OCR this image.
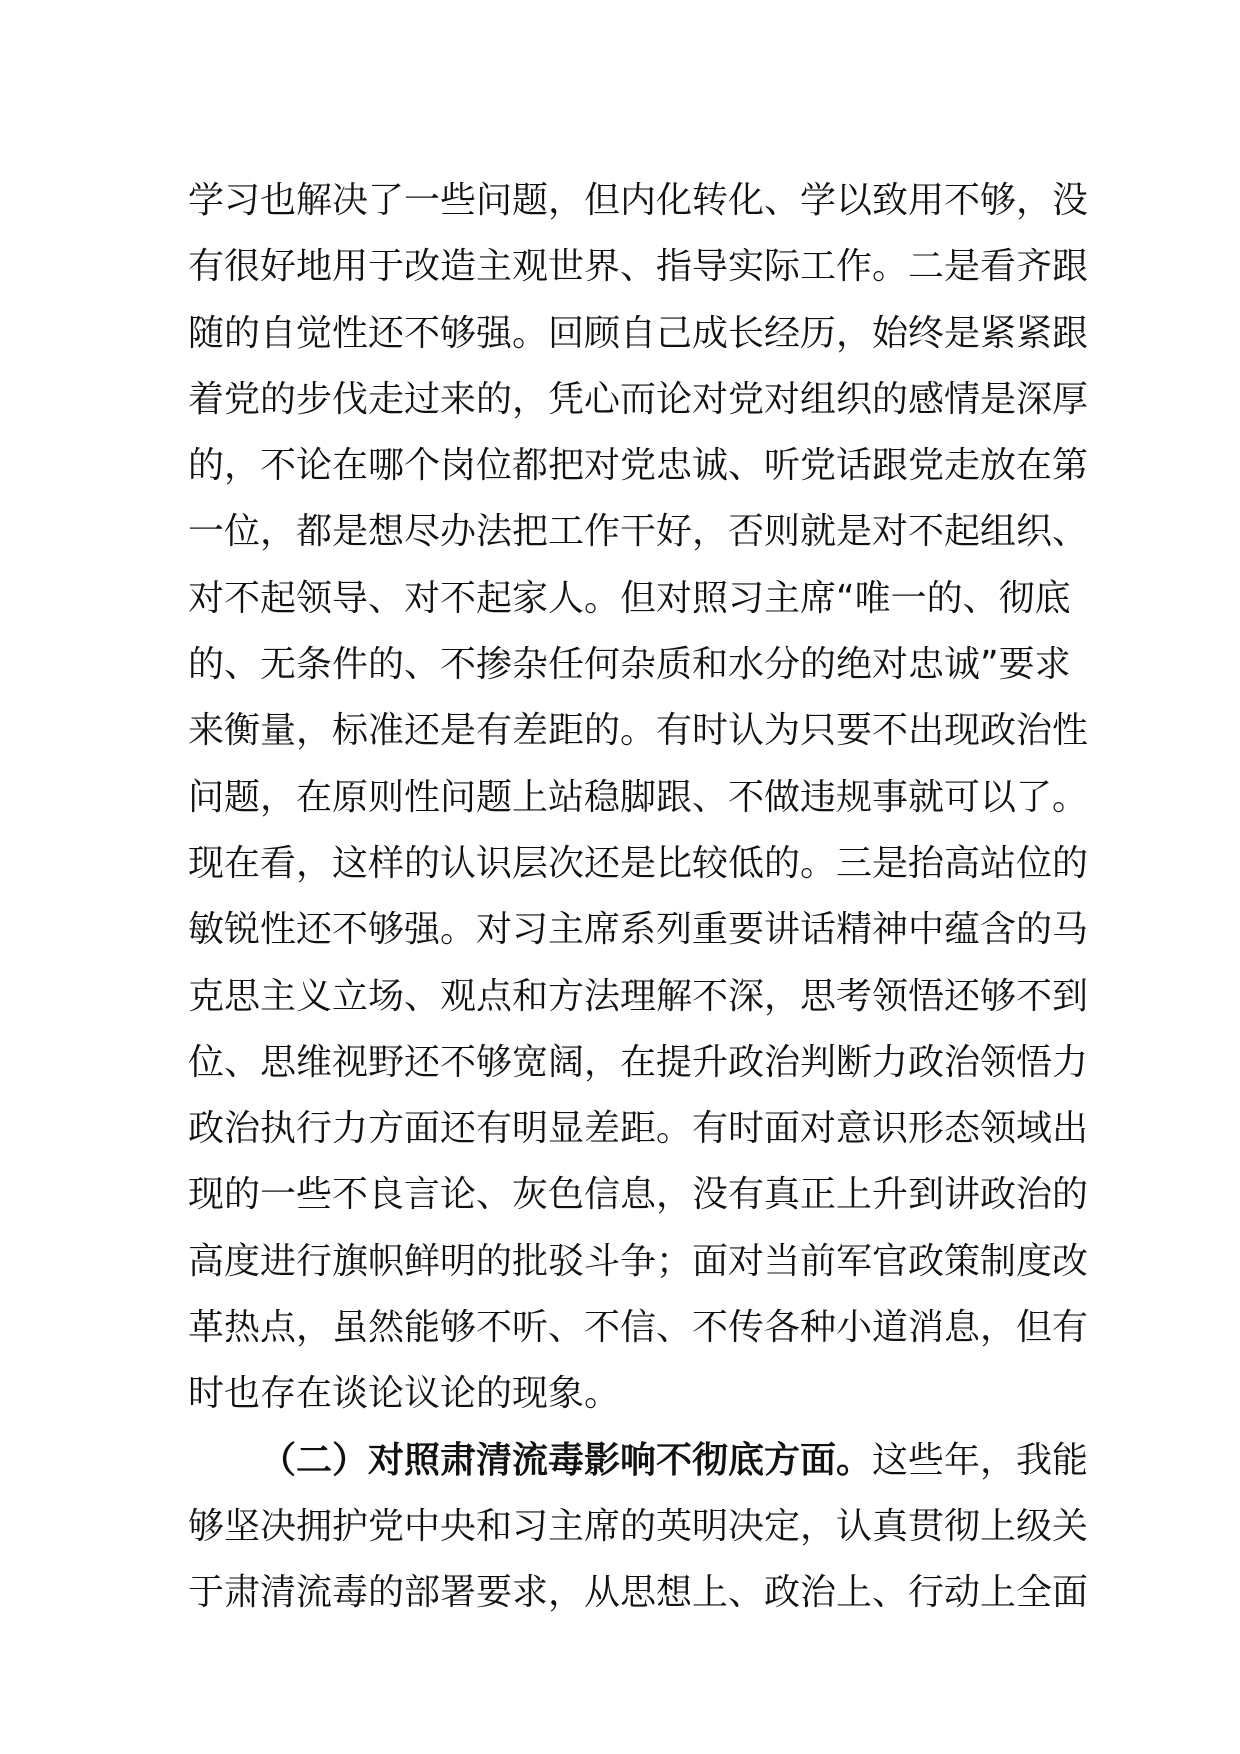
学习也解决了一些问题，但内化转化、学以致用不够，没
有很好地用于改造主观世界、指导实际工作。二是看齐跟
随的自觉性还不够强。回顾自己成长经历，始终是紧紧跟
着党的步伐走过来的，凭心而论对党对组织的感情是深厚
的，不论在哪个岗位都把对党忠诚、听党话跟党走放在第
一位，都是想尽办法把工作干好，否则就是对不起组织、
对不起领导、对不起家人。但对照习主席“唯一的、彻底
的、无条件的、不掺杂任何杂质和水分的绝对忠诚”要求
来衡量，标准还是有差距的。有时认为只要不出现政治性
问题，在原则性问题上站稳脚跟、不做违规事就可以了。
现在看，这样的认识层次还是比较低的。三是抬高站位的
敏锐性还不够强。对习主席系列重要讲话精神中蕴含的马
克思主义立场、观点和方法理解不深，思考领悟还够不到
位、思维视野还不够宽阔，在提升政治判断力政治领悟力
政治执行力方面还有明显差距。有时面对意识形态领域出
现的一些不良言论、灰色信息，没有真正上升到讲政治的
高度进行旗帜鲜明的批驳斗争；面对当前军官政策制度改
革热点，虽然能够不听、不信、不传各种小道消息，但有
时也存在谈论议论的现象。
（二）对照肃清流毒影响不彻底方面。这些年，我能
够坚决拥护党中央和习主席的英明决定，认真贯彻上级关
于肃清流毒的部署要求，从思想上、政治上、行动上全面
